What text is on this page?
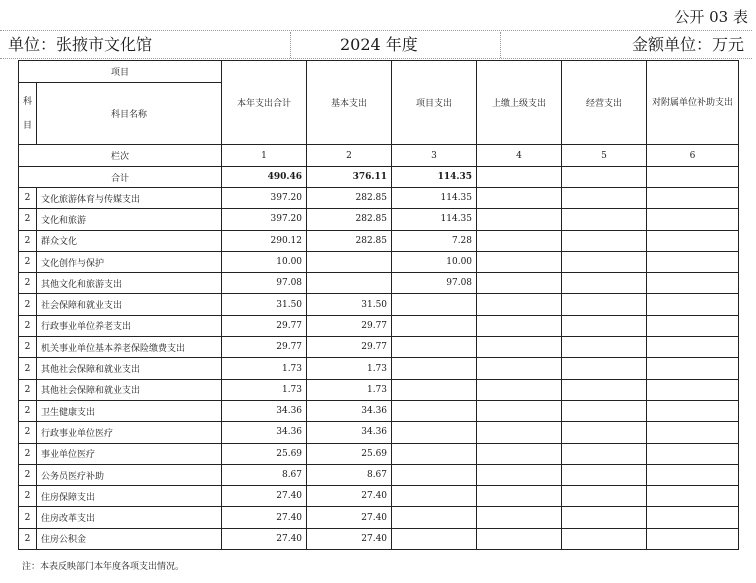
公开 03 表
单位：张掖市文化馆	2024 年度	金额单位：万元
项目		本年支出合计	基本支出	项目支出	上缴上级支出	经营支出	对附属单位补助支出
科

目	科目名称						
栏次		1	2	3	4	5	6
合计		490.46	376.11	114.35			
2	文化旅游体育与传媒支出	397.20	282.85	114.35			
2	文化和旅游	397.20	282.85	114.35			
2	群众文化	290.12	282.85	7.28			
2	文化创作与保护	10.00		10.00			
2	其他文化和旅游支出	97.08		97.08			
2	社会保障和就业支出	31.50	31.50				
2	行政事业单位养老支出	29.77	29.77				
2	机关事业单位基本养老保险缴费支出	29.77	29.77				
2	其他社会保障和就业支出	1.73	1.73				
2	其他社会保障和就业支出	1.73	1.73				
2	卫生健康支出	34.36	34.36				
2	行政事业单位医疗	34.36	34.36				
2	事业单位医疗	25.69	25.69				
2	公务员医疗补助	8.67	8.67				
2	住房保障支出	27.40	27.40				
2	住房改革支出	27.40	27.40				
2	住房公积金	27.40	27.40				
注：本表反映部门本年度各项支出情况。
